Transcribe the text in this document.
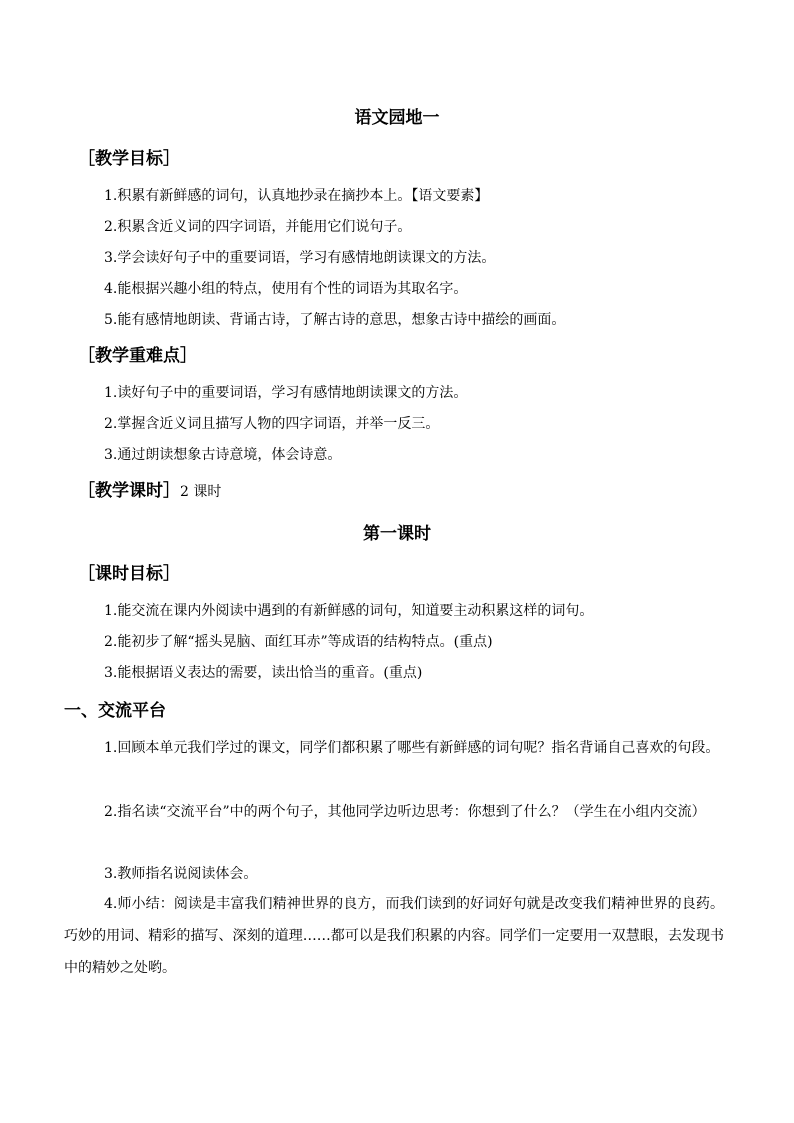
语文园地一
［教学目标］
1.积累有新鲜感的词句，认真地抄录在摘抄本上。【语文要素】
2.积累含近义词的四字词语，并能用它们说句子。
3.学会读好句子中的重要词语，学习有感情地朗读课文的方法。
4.能根据兴趣小组的特点，使用有个性的词语为其取名字。
5.能有感情地朗读、背诵古诗，了解古诗的意思，想象古诗中描绘的画面。
［教学重难点］
1.读好句子中的重要词语，学习有感情地朗读课文的方法。
2.掌握含近义词且描写人物的四字词语，并举一反三。
3.通过朗读想象古诗意境，体会诗意。
［教学课时］2 课时
第一课时
［课时目标］
1.能交流在课内外阅读中遇到的有新鲜感的词句，知道要主动积累这样的词句。
2.能初步了解“摇头晃脑、面红耳赤”等成语的结构特点。(重点)
3.能根据语义表达的需要，读出恰当的重音。(重点)
一、交流平台
1.回顾本单元我们学过的课文，同学们都积累了哪些有新鲜感的词句呢？指名背诵自己喜欢的句段。
2.指名读“交流平台”中的两个句子，其他同学边听边思考：你想到了什么？（学生在小组内交流）
3.教师指名说阅读体会。
4.师小结：阅读是丰富我们精神世界的良方，而我们读到的好词好句就是改变我们精神世界的良药。巧妙的用词、精彩的描写、深刻的道理……都可以是我们积累的内容。同学们一定要用一双慧眼，去发现书中的精妙之处哟。
